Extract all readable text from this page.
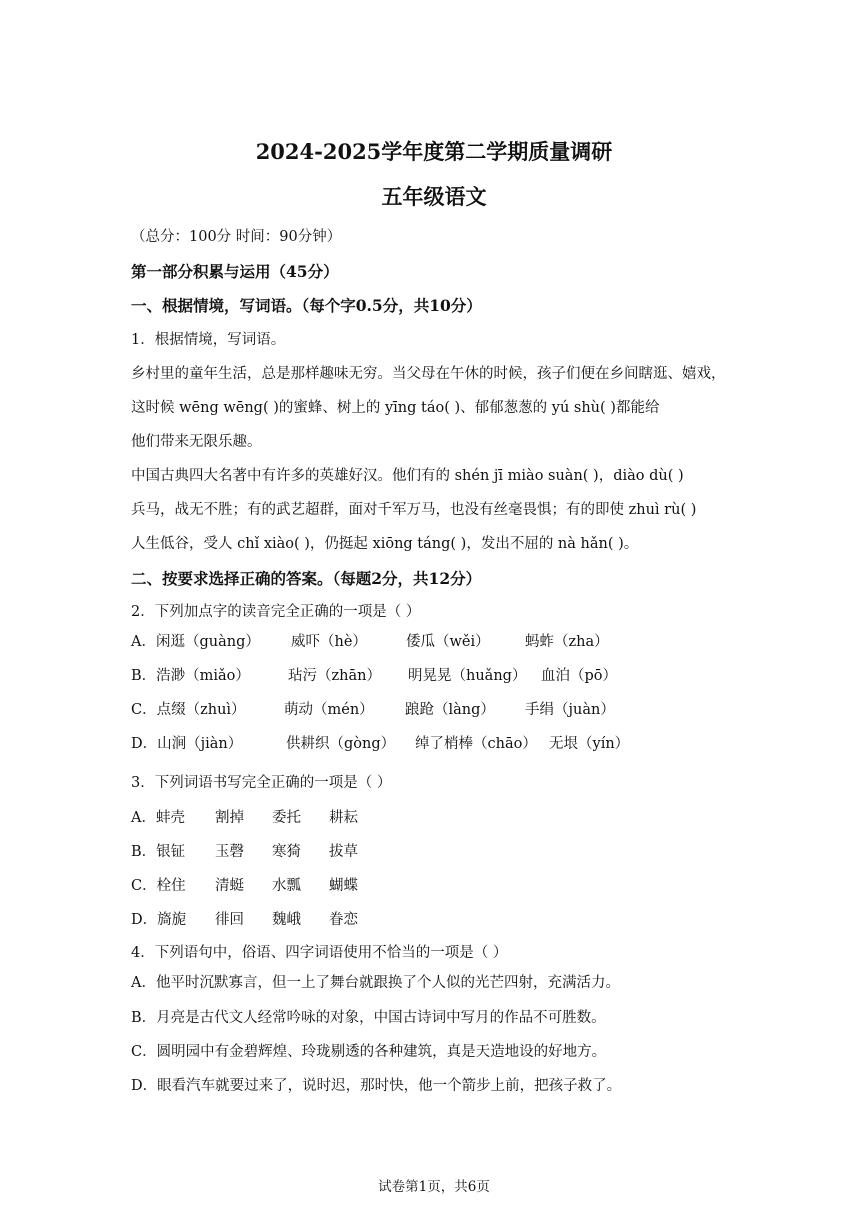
2024-2025学年度第二学期质量调研
五年级语文
（总分：100分 时间：90分钟）
第一部分积累与运用（45分）
一、根据情境，写词语。（每个字0.5分，共10分）
1．根据情境，写词语。
乡村里的童年生活，总是那样趣味无穷。当父母在午休的时候，孩子们便在乡间瞎逛、嬉戏，
这时候 wēng wēng( )的蜜蜂、树上的 yīng táo( )、郁郁葱葱的 yú shù( )都能给
他们带来无限乐趣。
中国古典四大名著中有许多的英雄好汉。他们有的 shén jī miào suàn( )，diào dù( )
兵马，战无不胜；有的武艺超群，面对千军万马，也没有丝毫畏惧；有的即使 zhuì rù( )
人生低谷，受人 chǐ xiào( )，仍挺起 xiōng táng( )，发出不屈的 nà hǎn( )。
二、按要求选择正确的答案。（每题2分，共12分）
2．下列加点字的读音完全正确的一项是（ ）
A．闲逛（guàng） 威吓（hè）	倭瓜（wěi） 蚂蚱（zha）
B．浩渺（miǎo）	玷污（zhān） 明晃晃（huǎng） 血泊（pō）
C．点缀（zhuì）	萌动（mén） 踉跄（làng） 手绢（juàn）
D．山涧（jiàn）	供耕织（gòng） 绰了梢棒（chāo） 无垠（yín）
3．下列词语书写完全正确的一项是（ ）
A．蚌壳 割掉 委托 耕耘
B．银钲 玉磬 寒猗 拔草
C．栓住 清蜓 水瓢 蝴蝶
D．旖旎 徘回 魏峨 眷恋
4．下列语句中，俗语、四字词语使用不恰当的一项是（ ）
A．他平时沉默寡言，但一上了舞台就跟换了个人似的光芒四射，充满活力。
B．月亮是古代文人经常吟咏的对象，中国古诗词中写月的作品不可胜数。
C．圆明园中有金碧辉煌、玲珑剔透的各种建筑，真是天造地设的好地方。
D．眼看汽车就要过来了，说时迟，那时快，他一个箭步上前，把孩子救了。
试卷第1页，共6页
